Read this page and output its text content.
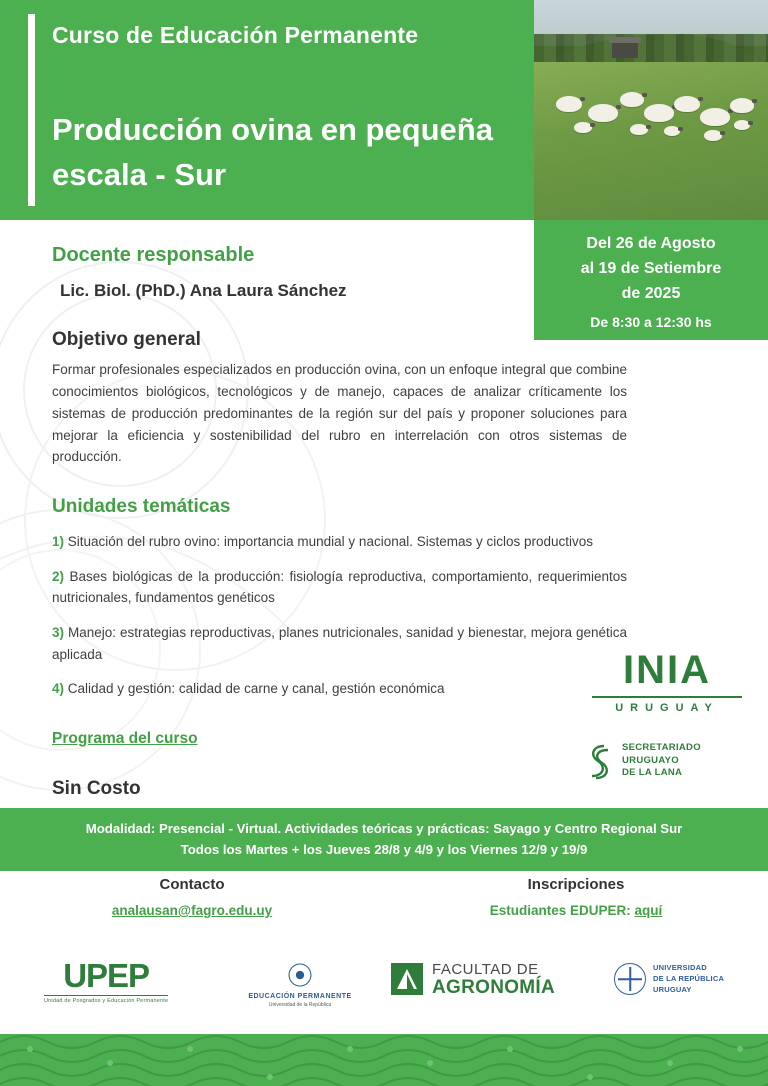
Curso de Educación Permanente
Producción ovina en pequeña escala - Sur
Del 26 de Agosto
al 19 de Setiembre
de 2025
De 8:30 a 12:30 hs
Docente responsable
Lic. Biol. (PhD.) Ana Laura Sánchez
Objetivo general
Formar profesionales especializados en producción ovina, con un enfoque integral que combine conocimientos biológicos, tecnológicos y de manejo, capaces de analizar críticamente los sistemas de producción predominantes de la región sur del país y proponer soluciones para mejorar la eficiencia y sostenibilidad del rubro en interrelación con otros sistemas de producción.
Unidades temáticas
1) Situación del rubro ovino: importancia mundial y nacional. Sistemas y ciclos productivos
2) Bases biológicas de la producción: fisiología reproductiva, comportamiento, requerimientos nutricionales, fundamentos genéticos
3) Manejo: estrategias reproductivas, planes nutricionales, sanidad y bienestar, mejora genética aplicada
4) Calidad y gestión: calidad de carne y canal, gestión económica
Programa del curso
Sin Costo
INIA
URUGUAY
SECRETARIADO
URUGUAYO
DE LA LANA
Modalidad: Presencial - Virtual. Actividades teóricas y prácticas: Sayago y Centro Regional Sur
Todos los Martes + los Jueves 28/8 y 4/9 y los Viernes 12/9 y 19/9
Contacto
analausan@fagro.edu.uy
Inscripciones
Estudiantes EDUPER: aquí
UPEP
Unidad de Posgrados y Educación Permanente
⦿
EDUCACIÓN PERMANENTE
Universidad de la República
FACULTAD DE
AGRONOMÍA
UNIVERSIDAD
DE LA REPÚBLICA
URUGUAY
